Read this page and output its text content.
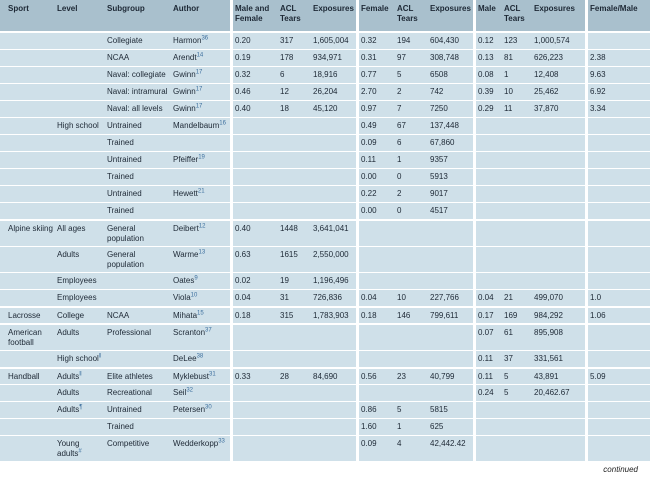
Sport	Level	Subgroup	Author	Male and Female	ACL Tears	Exposures	Female	ACL Tears	Exposures	Male	ACL Tears	Exposures	Female/Male
		Collegiate	Harmon$^{36}$	0.20	317	1,605,004	0.32	194	604,430	0.12	123	1,000,574	
		NCAA	Arendt$^{14}$	0.19	178	934,971	0.31	97	308,748	0.13	81	626,223	2.38
		Naval: collegiate	Gwinn$^{17}$	0.32	6	18,916	0.77	5	6508	0.08	1	12,408	9.63
		Naval: intramural	Gwinn$^{17}$	0.46	12	26,204	2.70	2	742	0.39	10	25,462	6.92
		Naval: all levels	Gwinn$^{17}$	0.40	18	45,120	0.97	7	7250	0.29	11	37,870	3.34
	High school	Untrained	Mandelbaum$^{16}$				0.49	67	137,448				
		Trained					0.09	6	67,860				
		Untrained	Pfeiffer$^{19}$				0.11	1	9357				
		Trained					0.00	0	5913				
		Untrained	Hewett$^{21}$				0.22	2	9017				
		Trained					0.00	0	4517				
Alpine skiing	All ages	General population	Deibert$^{12}$	0.40	1448	3,641,041							
	Adults	General population	Warme$^{13}$	0.63	1615	2,550,000							
	Employees		Oates$^9$	0.02	19	1,196,496							
	Employees		Viola$^{10}$	0.04	31	726,836	0.04	10	227,766	0.04	21	499,070	1.0
Lacrosse	College	NCAA	Mihata$^{15}$	0.18	315	1,783,903	0.18	146	799,611	0.17	169	984,292	1.06
American football	Adults	Professional	Scranton$^{37}$							0.07	61	895,908	
	High school‖		DeLee$^{38}$							0.11	37	331,561	
Handball	Adults‖	Elite athletes	Myklebust$^{31}$	0.33	28	84,690	0.56	23	40,799	0.11	5	43,891	5.09
	Adults	Recreational	Seil$^{32}$							0.24	5	20,462.67	
	Adults¶	Untrained	Petersen$^{30}$				0.86	5	5815				
		Trained					1.60	1	625				
	Young adults#	Competitive	Wedderkopp$^{33}$				0.09	4	42,442.42				
continued
